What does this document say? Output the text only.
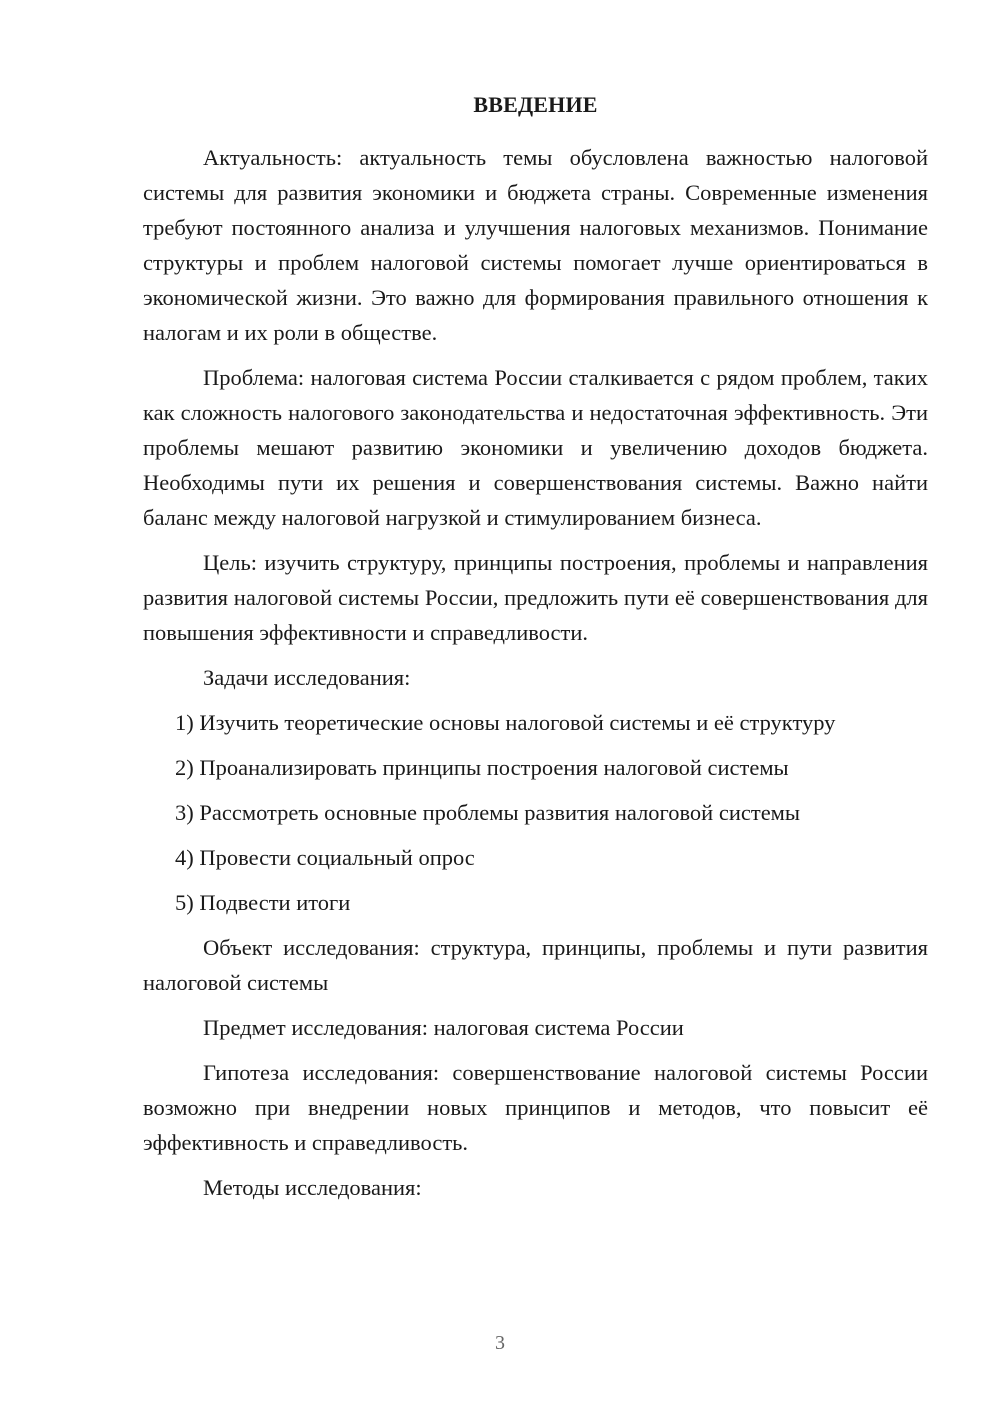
ВВЕДЕНИЕ

Актуальность: актуальность темы обусловлена важностью налоговой системы для развития экономики и бюджета страны. Современные изменения требуют постоянного анализа и улучшения налоговых механизмов. Понимание структуры и проблем налоговой системы помогает лучше ориентироваться в экономической жизни. Это важно для формирования правильного отношения к налогам и их роли в обществе.

Проблема: налоговая система России сталкивается с рядом проблем, таких как сложность налогового законодательства и недостаточная эффективность. Эти проблемы мешают развитию экономики и увеличению доходов бюджета. Необходимы пути их решения и совершенствования системы. Важно найти баланс между налоговой нагрузкой и стимулированием бизнеса.

Цель: изучить структуру, принципы построения, проблемы и направления развития налоговой системы России, предложить пути её совершенствования для повышения эффективности и справедливости.

Задачи исследования:

1) Изучить теоретические основы налоговой системы и её структуру
2) Проанализировать принципы построения налоговой системы
3) Рассмотреть основные проблемы развития налоговой системы
4) Провести социальный опрос
5) Подвести итоги

Объект исследования: структура, принципы, проблемы и пути развития налоговой системы

Предмет исследования: налоговая система России

Гипотеза исследования: совершенствование налоговой системы России возможно при внедрении новых принципов и методов, что повысит её эффективность и справедливость.

Методы исследования:

3
